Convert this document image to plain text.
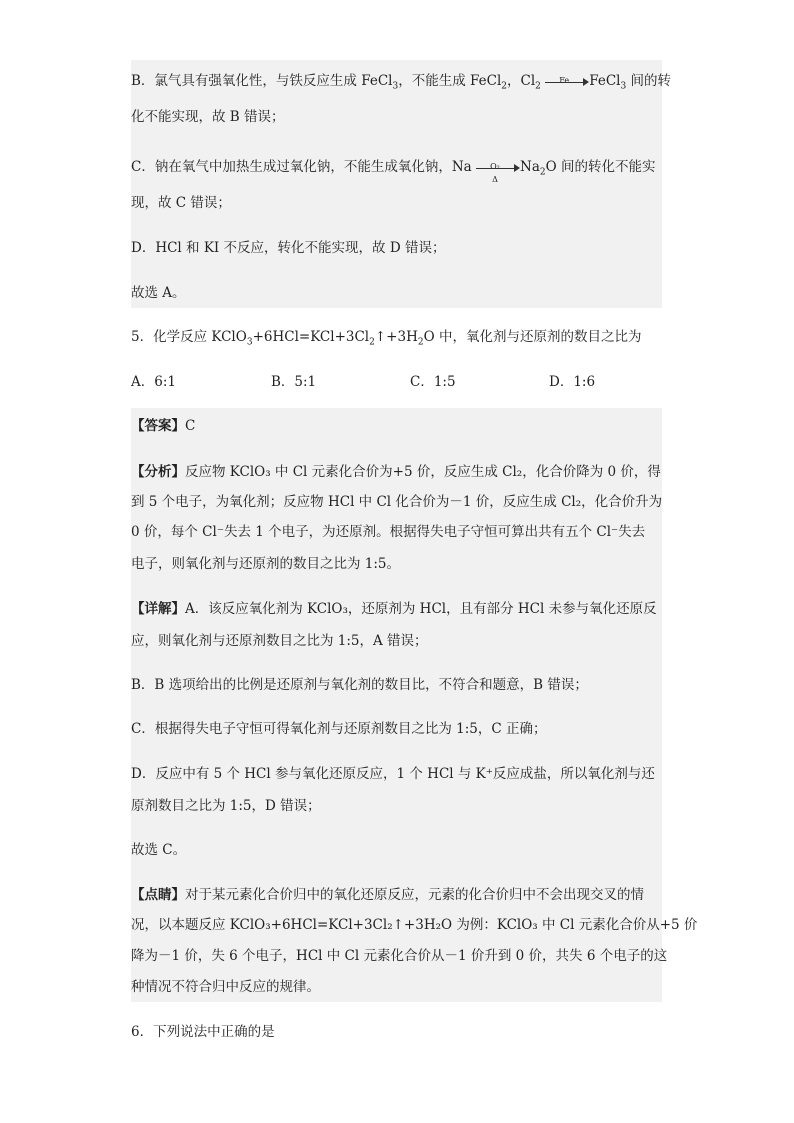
B．氯气具有强氧化性，与铁反应生成 FeCl$_3$，不能生成 FeCl$_2$，$Cl_2$
Fe	FeCl$_3$ 间的转
化不能实现，故 B 错误；
C．钠在氧气中加热生成过氧化钠，不能生成氧化钠，Na	O₂
Δ
$Na_2O$ 间的转化不能实
现，故 C 错误；
D．HCl 和 KI 不反应，转化不能实现，故 D 错误；
故选 A。
5．化学反应 $KClO_3+6HCl=KCl+3Cl_2↑+3H_2O$ 中，氧化剂与还原剂的数目之比为
A．6:1	B．5:1	C．1:5	D．1:6
【答案】C
【分析】反应物 KClO₃ 中 Cl 元素化合价为+5 价，反应生成 Cl₂，化合价降为 0 价，得
到 5 个电子，为氧化剂；反应物 HCl 中 Cl 化合价为－1 价，反应生成 Cl₂，化合价升为
0 价，每个 Cl⁻失去 1 个电子，为还原剂。根据得失电子守恒可算出共有五个 Cl⁻失去
电子，则氧化剂与还原剂的数目之比为 1:5。
【详解】A．该反应氧化剂为 KClO₃，还原剂为 HCl，且有部分 HCl 未参与氧化还原反
应，则氧化剂与还原剂数目之比为 1:5，A 错误；
B．B 选项给出的比例是还原剂与氧化剂的数目比，不符合和题意，B 错误；
C．根据得失电子守恒可得氧化剂与还原剂数目之比为 1:5，C 正确；
D．反应中有 5 个 HCl 参与氧化还原反应，1 个 HCl 与 K⁺反应成盐，所以氧化剂与还
原剂数目之比为 1:5，D 错误；
故选 C。
【点睛】对于某元素化合价归中的氧化还原反应，元素的化合价归中不会出现交叉的情
况，以本题反应 KClO₃+6HCl=KCl+3Cl₂↑+3H₂O 为例：KClO₃ 中 Cl 元素化合价从+5 价
降为－1 价，失 6 个电子，HCl 中 Cl 元素化合价从－1 价升到 0 价，共失 6 个电子的这
种情况不符合归中反应的规律。
6．下列说法中正确的是
